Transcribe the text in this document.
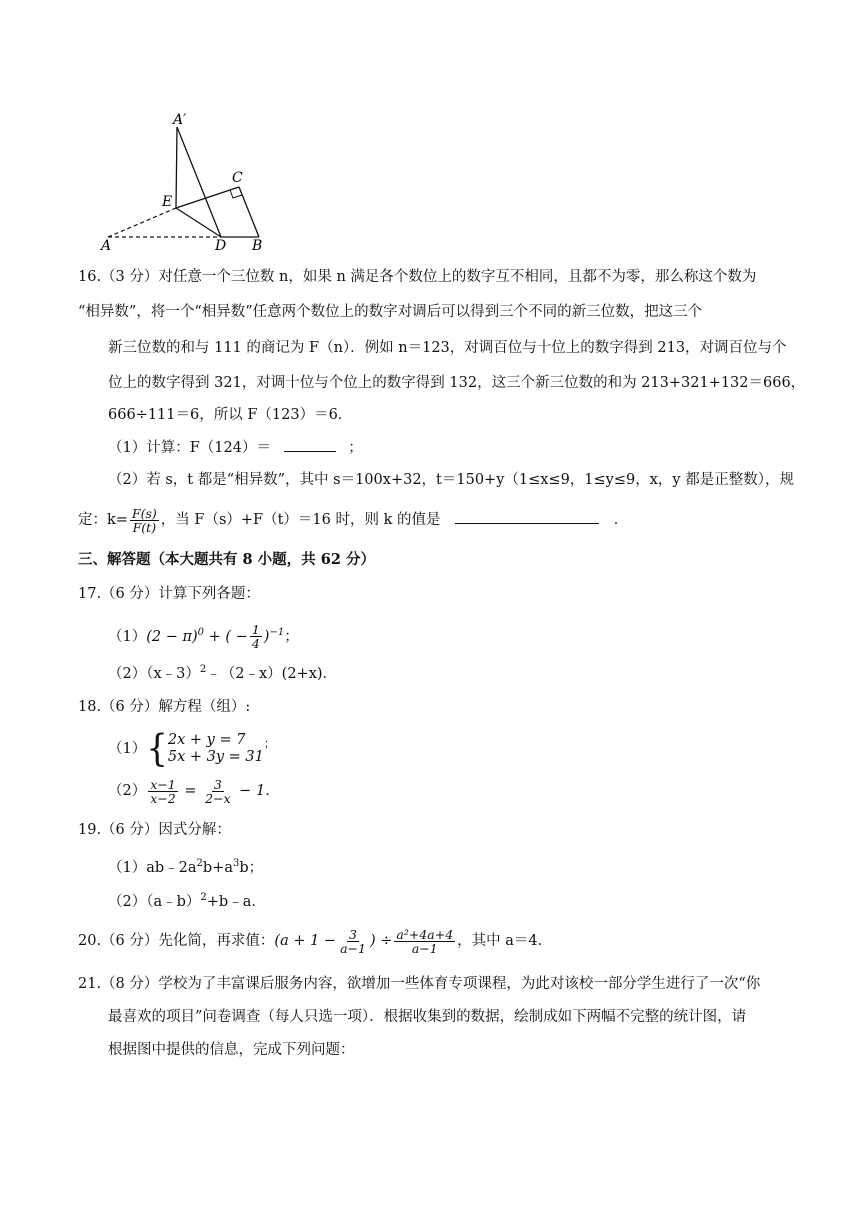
A′
C
E
A	D B
16.（3 分）对任意一个三位数 n，如果 n 满足各个数位上的数字互不相同，且都不为零，那么称这个数为
“相异数”，将一个“相异数”任意两个数位上的数字对调后可以得到三个不同的新三位数，把这三个
新三位数的和与 111 的商记为 F（n）．例如 n＝123，对调百位与十位上的数字得到 213，对调百位与个
位上的数字得到 321，对调十位与个位上的数字得到 132，这三个新三位数的和为 213+321+132＝666，
666÷111＝6，所以 F（123）＝6．
（1）计算：F（124）＝	；
（2）若 s，t 都是“相异数”，其中 s＝100x+32，t＝150+y（1≤x≤9，1≤y≤9，x，y 都是正整数），规
定：$k= \frac{F(s)}{F(t)}$ ，当 F（s）+F（t）＝16 时，则 k 的值是	．
三、解答题（本大题共有 8 小题，共 62 分）
17.（6 分）计算下列各题：
$(1)(2 - \pi)^0$ + ( − $\frac{1}{4} )^{-1}$；
（2）（x﹣3）$^2$﹣（2﹣x）(2+x)．
18.（6 分）解方程（组）:
（1）{ 2x + y = 7
5x + 3y = 31
；
$(2) \frac{x-1}{x-2} = \frac{3}{2-x} - 1$．
19.（6 分）因式分解：
$(1)ab﹣2a^2b+a^3b$；
（2）（a﹣b）$^2$+b﹣a．
20.（6 分）先化简，再求值：($a + 1 - \frac{3}{a-1}$ ) ÷ $\frac{\text{a²+4a+4}}{a-1}$ ，其中 a＝4．
21.（8 分）学校为了丰富课后服务内容，欲增加一些体育专项课程，为此对该校一部分学生进行了一次“你
最喜欢的项目”问卷调查（每人只选一项）．根据收集到的数据，绘制成如下两幅不完整的统计图，请
根据图中提供的信息，完成下列问题：
